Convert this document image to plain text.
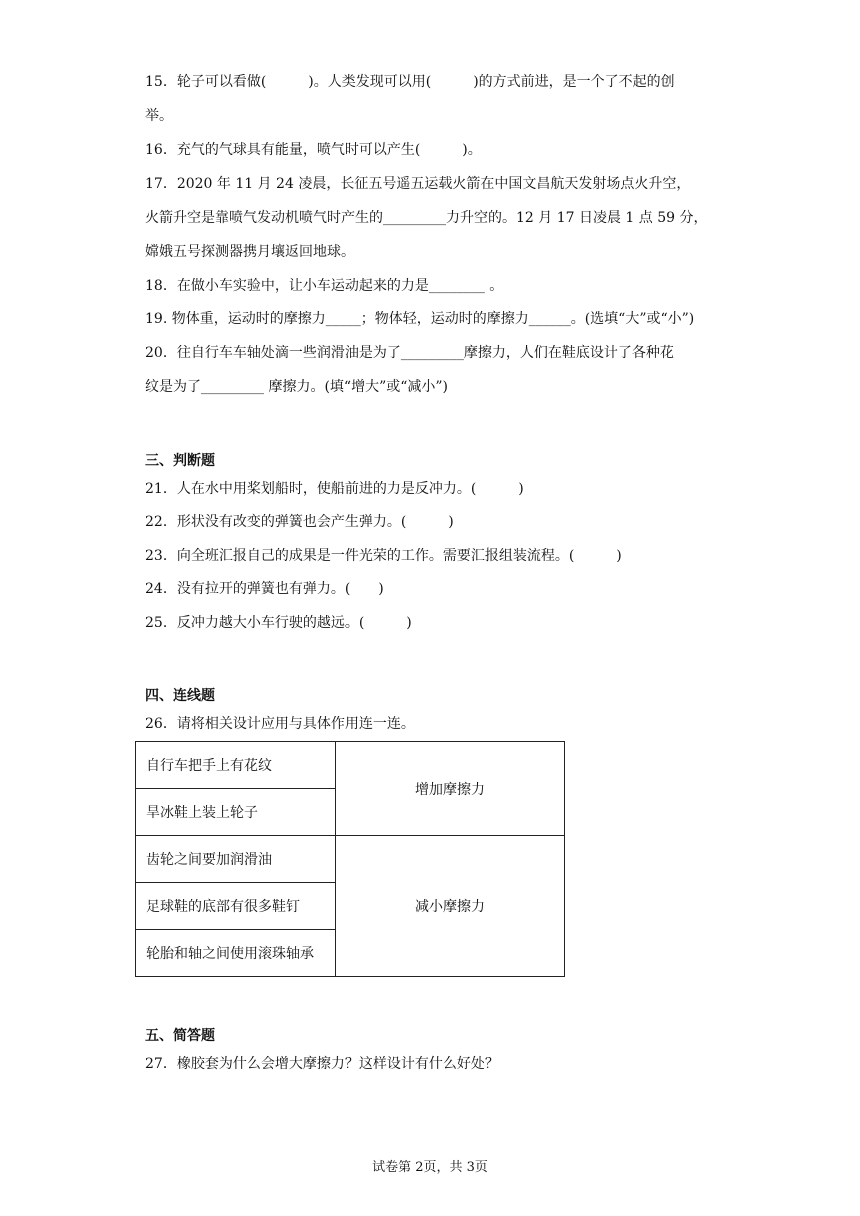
15．轮子可以看做(　　　)。人类发现可以用(　　　)的方式前进，是一个了不起的创
举。
16．充气的气球具有能量，喷气时可以产生(　　　)。
17．2020 年 11 月 24 凌晨，长征五号遥五运载火箭在中国文昌航天发射场点火升空，
火箭升空是靠喷气发动机喷气时产生的_________力升空的。12 月 17 日凌晨 1 点 59 分，
嫦娥五号探测器携月壤返回地球。
18．在做小车实验中，让小车运动起来的力是________ 。
19. 物体重，运动时的摩擦力_____；物体轻，运动时的摩擦力______。(选填“大”或“小”)
20．往自行车车轴处滴一些润滑油是为了_________摩擦力，人们在鞋底设计了各种花
纹是为了_________ 摩擦力。(填“增大”或“减小”)
三、判断题
21．人在水中用桨划船时，使船前进的力是反冲力。(　　　)
22．形状没有改变的弹簧也会产生弹力。(　　　)
23．向全班汇报自己的成果是一件光荣的工作。需要汇报组装流程。(　　　)
24．没有拉开的弹簧也有弹力。(　　)
25．反冲力越大小车行驶的越远。(　　　)
四、连线题
26．请将相关设计应用与具体作用连一连。
自行车把手上有花纹	增加摩擦力
旱冰鞋上装上轮子	
齿轮之间要加润滑油	减小摩擦力
足球鞋的底部有很多鞋钉	
轮胎和轴之间使用滚珠轴承	
五、简答题
27．橡胶套为什么会增大摩擦力？这样设计有什么好处？
试卷第 2页，共 3页
